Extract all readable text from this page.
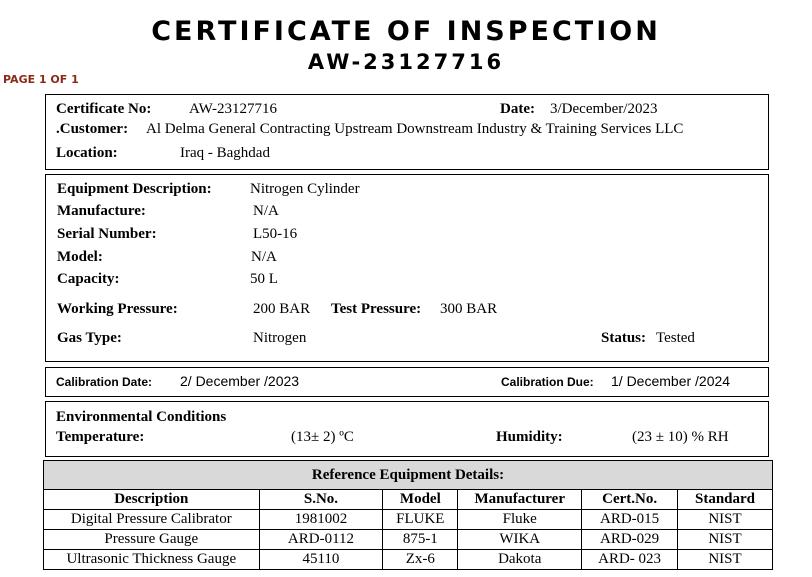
CERTIFICATE OF INSPECTION
AW-23127716
PAGE 1 OF 1
Certificate No:	AW-23127716	Date: 3/December/2023
.Customer: Al Delma General Contracting Upstream Downstream Industry & Training Services LLC
Location:	Iraq - Baghdad
Equipment Description:	Nitrogen Cylinder
Manufacture:	N/A
Serial Number:	L50-16
Model:	N/A
Capacity:	50 L
Working Pressure:	200 BAR Test Pressure: 300 BAR
Gas Type:	Nitrogen	Status: Tested
Calibration Date: 2/ December /2023	Calibration Due: 1/ December /2024
Environmental Conditions
Temperature:	(13± 2) ºC	Humidity:	(23 ± 10) % RH
Reference Equipment Details:					
Description	S.No.	Model	Manufacturer	Cert.No.	Standard
Digital Pressure Calibrator	1981002	FLUKE	Fluke	ARD-015	NIST
Pressure Gauge	ARD-0112	875-1	WIKA	ARD-029	NIST
Ultrasonic Thickness Gauge	45110	Zx-6	Dakota	ARD- 023	NIST
